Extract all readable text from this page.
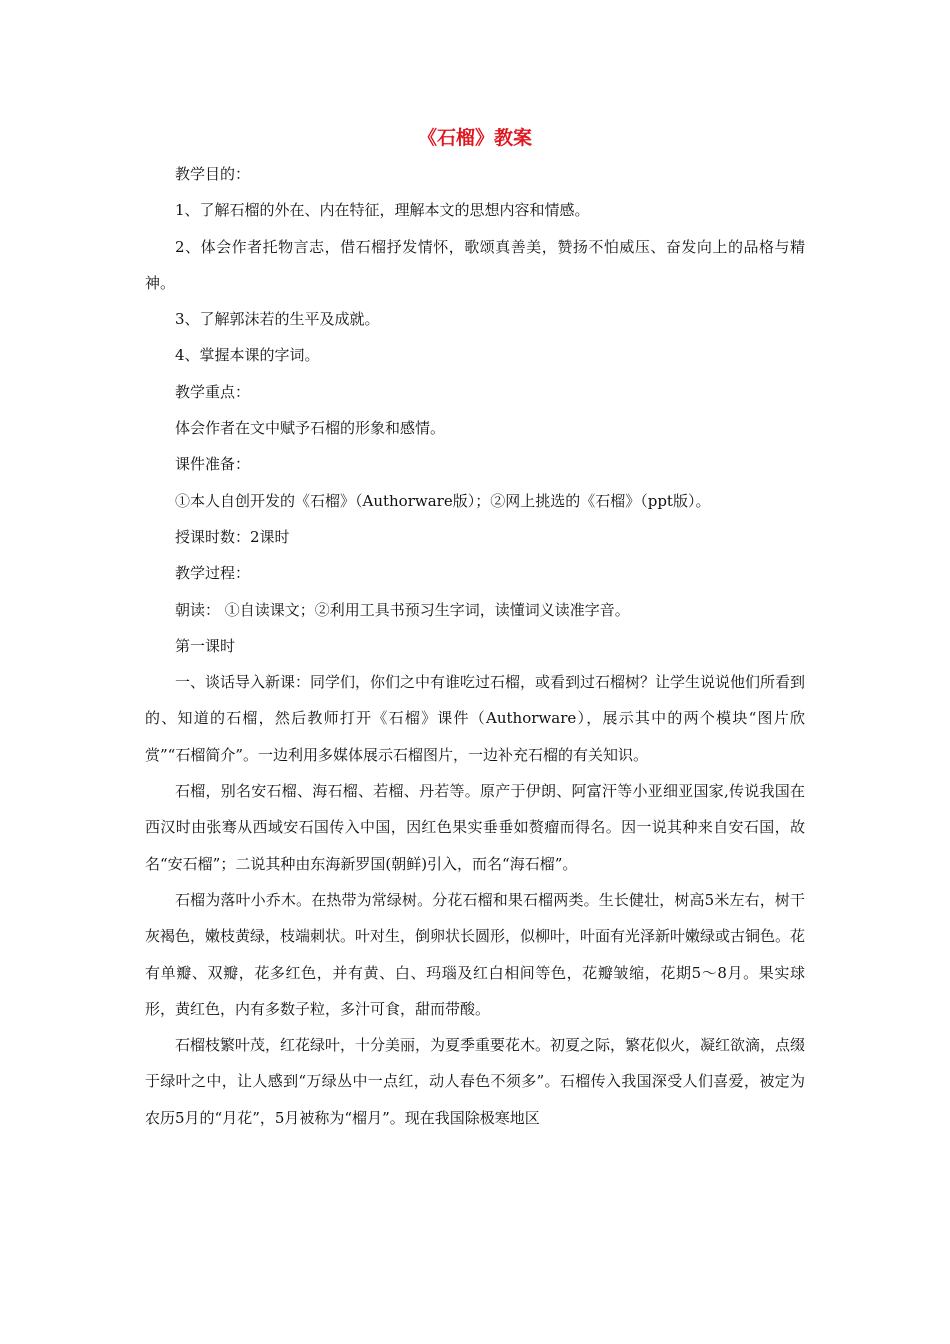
《石榴》教案

教学目的：

1、了解石榴的外在、内在特征，理解本文的思想内容和情感。

2、体会作者托物言志，借石榴抒发情怀，歌颂真善美，赞扬不怕威压、奋发向上的品格与精神。

3、了解郭沫若的生平及成就。

4、掌握本课的字词。

教学重点：

体会作者在文中赋予石榴的形象和感情。

课件准备：

①本人自创开发的《石榴》（Authorware版）；②网上挑选的《石榴》（ppt版）。

授课时数：2课时

教学过程：

朝读： ①自读课文；②利用工具书预习生字词，读懂词义读准字音。

第一课时

一、谈话导入新课：同学们，你们之中有谁吃过石榴，或看到过石榴树？让学生说说他们所看到的、知道的石榴，然后教师打开《石榴》课件（Authorware），展示其中的两个模块“图片欣赏”“石榴简介”。一边利用多媒体展示石榴图片，一边补充石榴的有关知识。

石榴，别名安石榴、海石榴、若榴、丹若等。原产于伊朗、阿富汗等小亚细亚国家,传说我国在西汉时由张骞从西域安石国传入中国，因红色果实垂垂如赘瘤而得名。因一说其种来自安石国，故名“安石榴”；二说其种由东海新罗国(朝鲜)引入，而名“海石榴”。

石榴为落叶小乔木。在热带为常绿树。分花石榴和果石榴两类。生长健壮，树高5米左右，树干灰褐色，嫩枝黄绿，枝端刺状。叶对生，倒卵状长圆形，似柳叶，叶面有光泽新叶嫩绿或古铜色。花有单瓣、双瓣，花多红色，并有黄、白、玛瑙及红白相间等色，花瓣皱缩，花期5～8月。果实球形，黄红色，内有多数子粒，多汁可食，甜而带酸。

石榴枝繁叶茂，红花绿叶，十分美丽，为夏季重要花木。初夏之际，繁花似火，凝红欲滴，点缀于绿叶之中，让人感到“万绿丛中一点红，动人春色不须多”。石榴传入我国深受人们喜爱，被定为农历5月的“月花”，5月被称为“榴月”。现在我国除极寒地区
